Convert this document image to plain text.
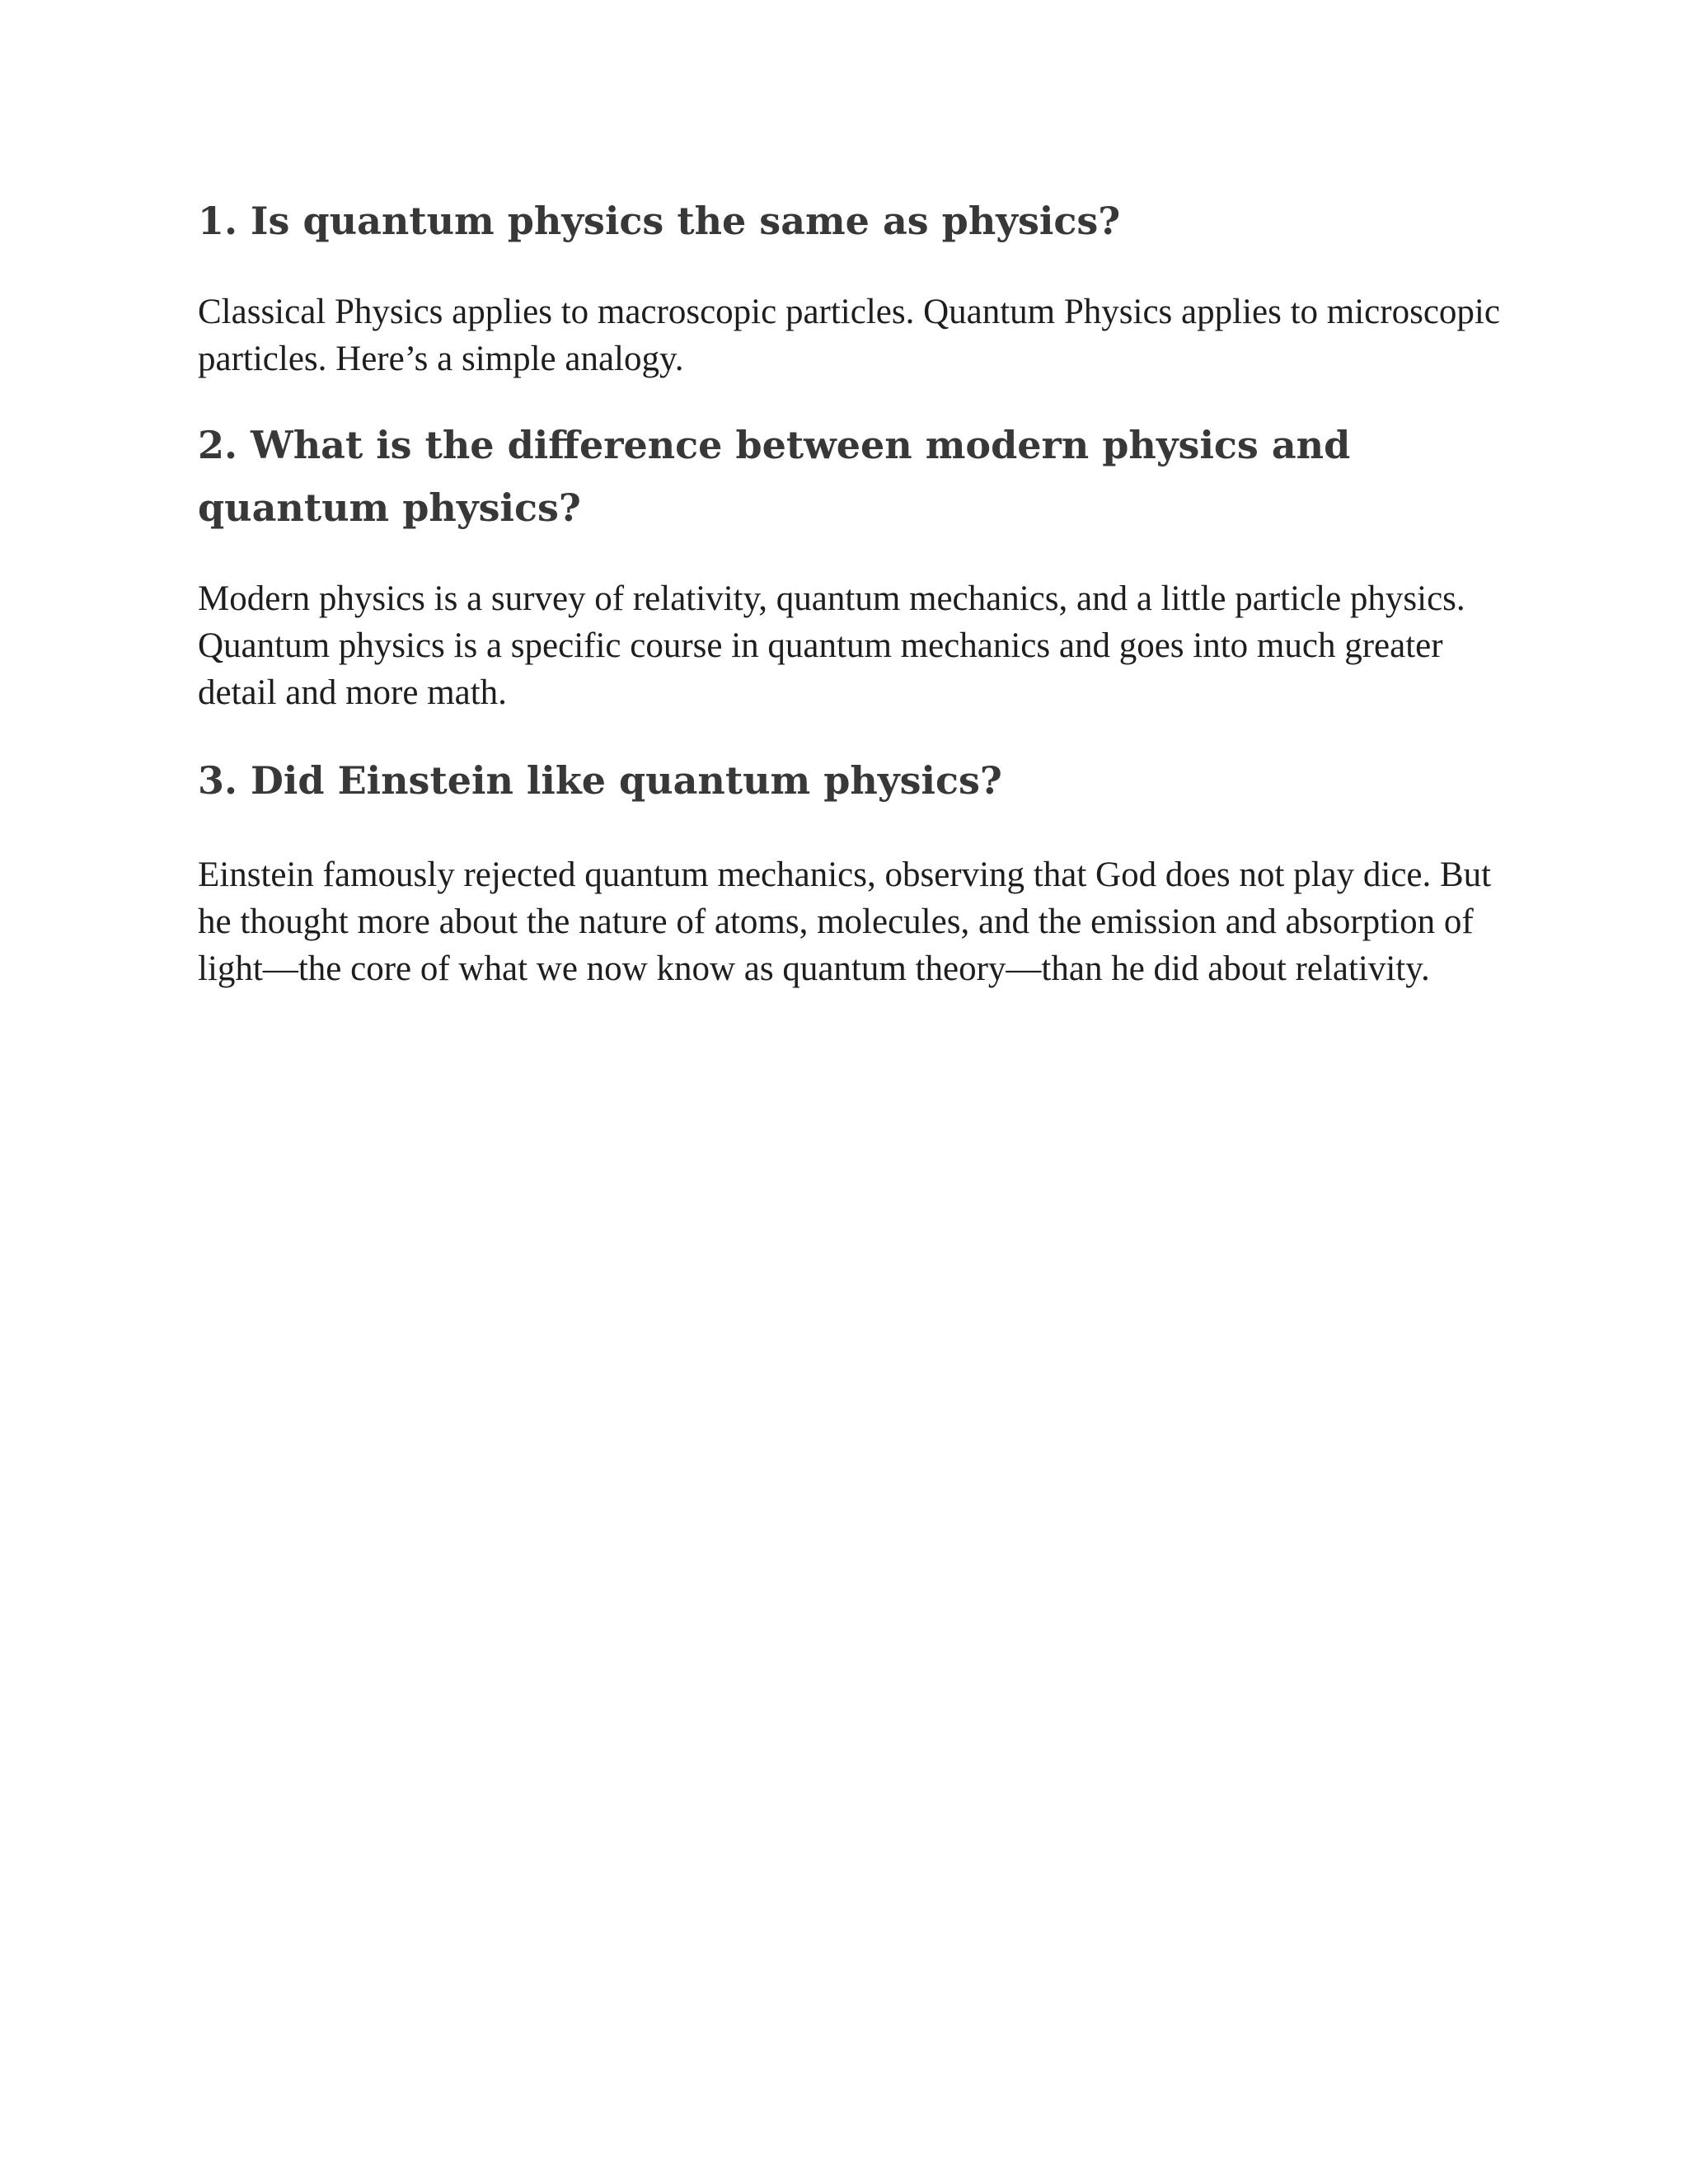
1. Is quantum physics the same as physics?

Classical Physics applies to macroscopic particles. Quantum Physics applies to microscopic particles. Here’s a simple analogy.

2. What is the difference between modern physics and quantum physics?

Modern physics is a survey of relativity, quantum mechanics, and a little particle physics. Quantum physics is a specific course in quantum mechanics and goes into much greater detail and more math.

3. Did Einstein like quantum physics?

Einstein famously rejected quantum mechanics, observing that God does not play dice. But he thought more about the nature of atoms, molecules, and the emission and absorption of light—the core of what we now know as quantum theory—than he did about relativity.
